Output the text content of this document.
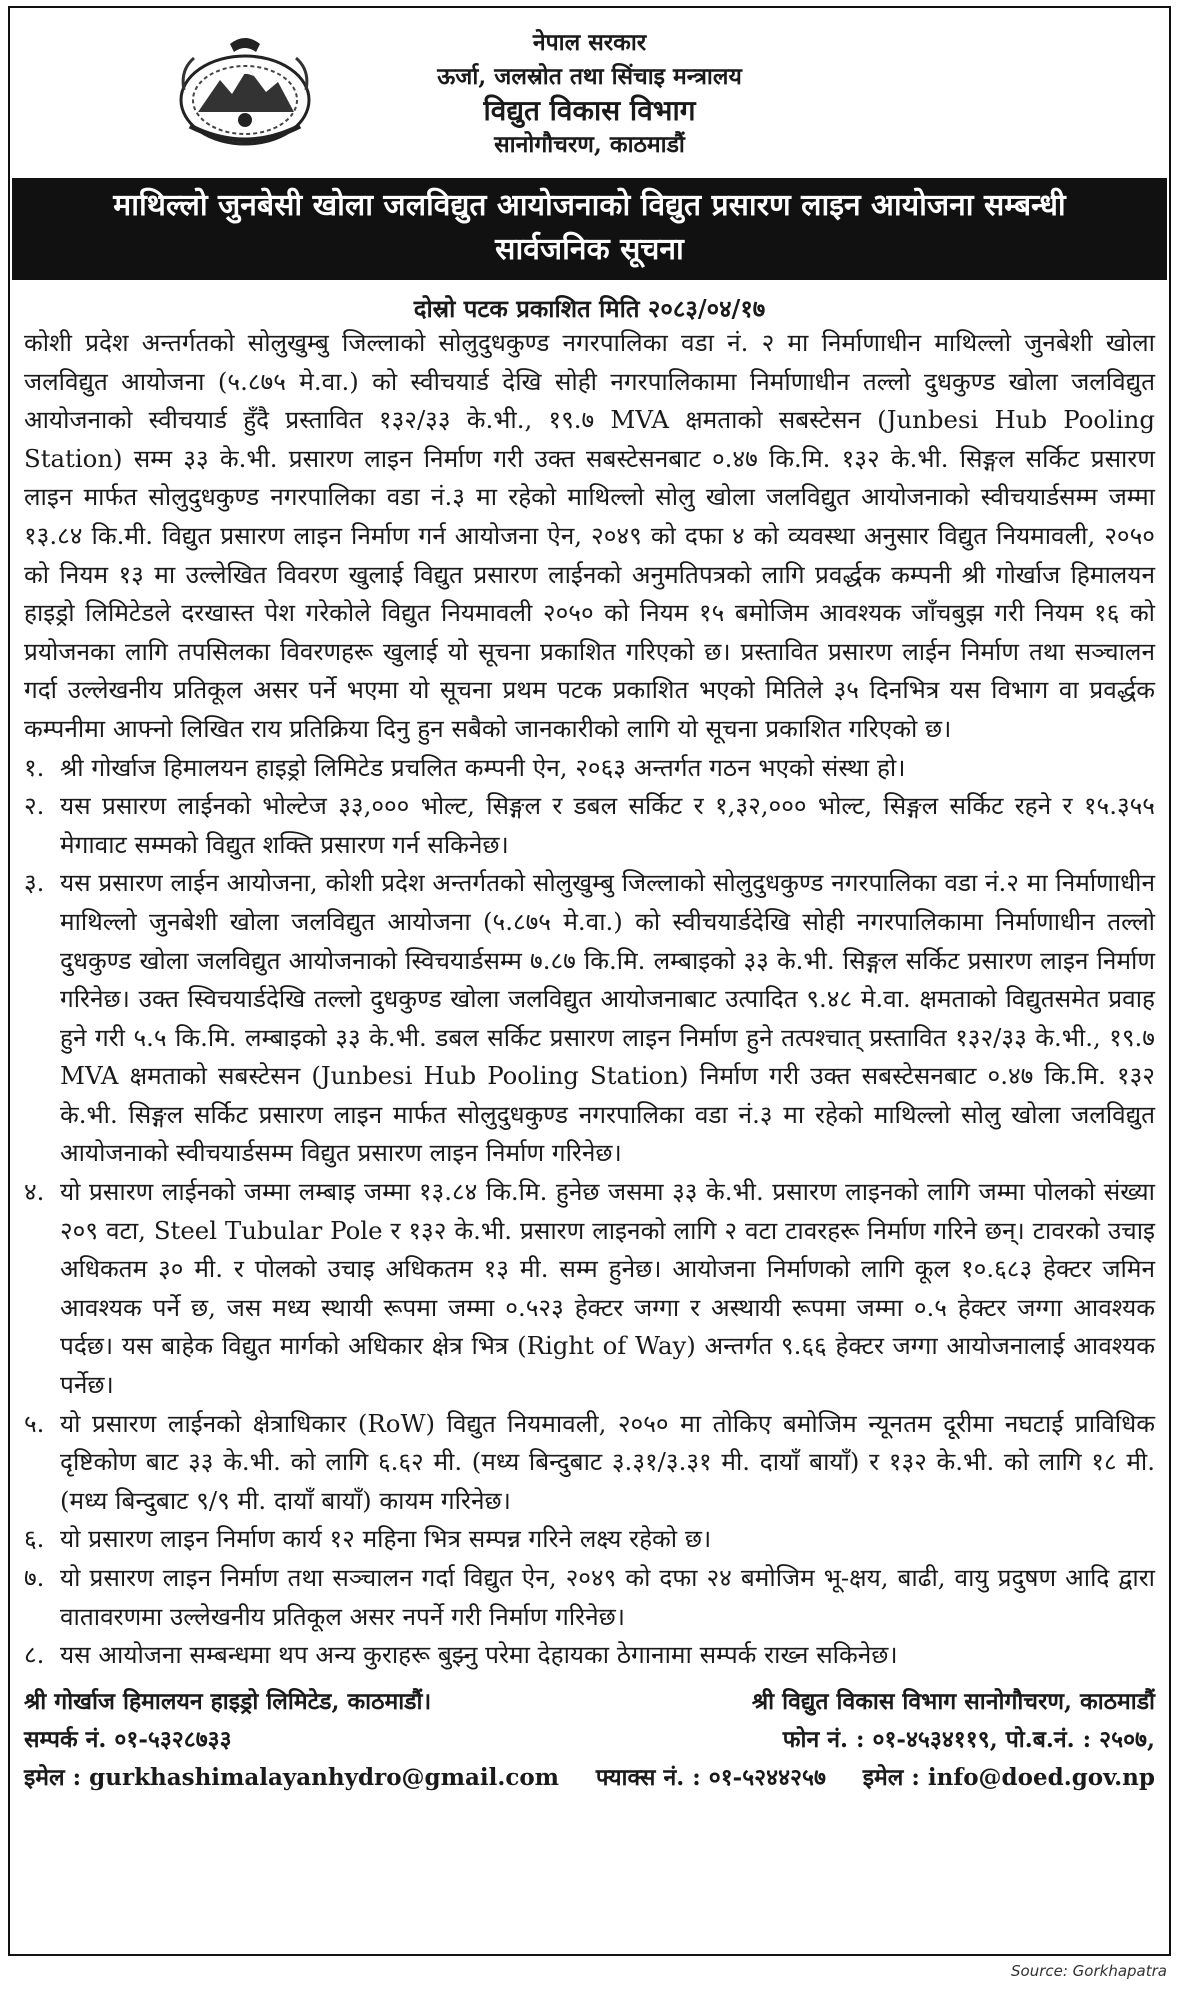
नेपाल सरकार
ऊर्जा, जलस्रोत तथा सिंचाइ मन्त्रालय
विद्युत विकास विभाग
सानोगौचरण, काठमाडौं
माथिल्लो जुनबेसी खोला जलविद्युत आयोजनाको विद्युत प्रसारण लाइन आयोजना सम्बन्धी
सार्वजनिक सूचना
दोस्रो पटक प्रकाशित मिति २०८३/०४/१७

कोशी प्रदेश अन्तर्गतको सोलुखुम्बु जिल्लाको सोलुदुधकुण्ड नगरपालिका वडा नं. २ मा निर्माणाधीन माथिल्लो जुनबेशी खोला जलविद्युत आयोजना (५.८७५ मे.वा.) को स्वीचयार्ड देखि सोही नगरपालिकामा निर्माणाधीन तल्लो दुधकुण्ड खोला जलविद्युत आयोजनाको स्वीचयार्ड हुँदै प्रस्तावित १३२/३३ के.भी., १९.७ MVA क्षमताको सबस्टेसन (Junbesi Hub Pooling Station) सम्म ३३ के.भी. प्रसारण लाइन निर्माण गरी उक्त सबस्टेसनबाट ०.४७ कि.मि. १३२ के.भी. सिङ्गल सर्किट प्रसारण लाइन मार्फत सोलुदुधकुण्ड नगरपालिका वडा नं.३ मा रहेको माथिल्लो सोलु खोला जलविद्युत आयोजनाको स्वीचयार्डसम्म जम्मा १३.८४ कि.मी. विद्युत प्रसारण लाइन निर्माण गर्न आयोजना ऐन, २०४९ को दफा ४ को व्यवस्था अनुसार विद्युत नियमावली, २०५० को नियम १३ मा उल्लेखित विवरण खुलाई विद्युत प्रसारण लाईनको अनुमतिपत्रको लागि प्रवर्द्धक कम्पनी श्री गोर्खाज हिमालयन हाइड्रो लिमिटेडले दरखास्त पेश गरेकोले विद्युत नियमावली २०५० को नियम १५ बमोजिम आवश्यक जाँचबुझ गरी नियम १६ को प्रयोजनका लागि तपसिलका विवरणहरू खुलाई यो सूचना प्रकाशित गरिएको छ। प्रस्तावित प्रसारण लाईन निर्माण तथा सञ्चालन गर्दा उल्लेखनीय प्रतिकूल असर पर्ने भएमा यो सूचना प्रथम पटक प्रकाशित भएको मितिले ३५ दिनभित्र यस विभाग वा प्रवर्द्धक कम्पनीमा आफ्नो लिखित राय प्रतिक्रिया दिनु हुन सबैको जानकारीको लागि यो सूचना प्रकाशित गरिएको छ।

१. श्री गोर्खाज हिमालयन हाइड्रो लिमिटेड प्रचलित कम्पनी ऐन, २०६३ अन्तर्गत गठन भएको संस्था हो।
२. यस प्रसारण लाईनको भोल्टेज ३३,००० भोल्ट, सिङ्गल र डबल सर्किट र १,३२,००० भोल्ट, सिङ्गल सर्किट रहने र १५.३५५ मेगावाट सम्मको विद्युत शक्ति प्रसारण गर्न सकिनेछ।
३. यस प्रसारण लाईन आयोजना, कोशी प्रदेश अन्तर्गतको सोलुखुम्बु जिल्लाको सोलुदुधकुण्ड नगरपालिका वडा नं.२ मा निर्माणाधीन माथिल्लो जुनबेशी खोला जलविद्युत आयोजना (५.८७५ मे.वा.) को स्वीचयार्डदेखि सोही नगरपालिकामा निर्माणाधीन तल्लो दुधकुण्ड खोला जलविद्युत आयोजनाको स्विचयार्डसम्म ७.८७ कि.मि. लम्बाइको ३३ के.भी. सिङ्गल सर्किट प्रसारण लाइन निर्माण गरिनेछ। उक्त स्विचयार्डदेखि तल्लो दुधकुण्ड खोला जलविद्युत आयोजनाबाट उत्पादित ९.४८ मे.वा. क्षमताको विद्युतसमेत प्रवाह हुने गरी ५.५ कि.मि. लम्बाइको ३३ के.भी. डबल सर्किट प्रसारण लाइन निर्माण हुने तत्पश्चात् प्रस्तावित १३२/३३ के.भी., १९.७ MVA क्षमताको सबस्टेसन (Junbesi Hub Pooling Station) निर्माण गरी उक्त सबस्टेसनबाट ०.४७ कि.मि. १३२ के.भी. सिङ्गल सर्किट प्रसारण लाइन मार्फत सोलुदुधकुण्ड नगरपालिका वडा नं.३ मा रहेको माथिल्लो सोलु खोला जलविद्युत आयोजनाको स्वीचयार्डसम्म विद्युत प्रसारण लाइन निर्माण गरिनेछ।
४. यो प्रसारण लाईनको जम्मा लम्बाइ जम्मा १३.८४ कि.मि. हुनेछ जसमा ३३ के.भी. प्रसारण लाइनको लागि जम्मा पोलको संख्या २०९ वटा, Steel Tubular Pole र १३२ के.भी. प्रसारण लाइनको लागि २ वटा टावरहरू निर्माण गरिने छन्। टावरको उचाइ अधिकतम ३० मी. र पोलको उचाइ अधिकतम १३ मी. सम्म हुनेछ। आयोजना निर्माणको लागि कूल १०.६८३ हेक्टर जमिन आवश्यक पर्ने छ, जस मध्य स्थायी रूपमा जम्मा ०.५२३ हेक्टर जग्गा र अस्थायी रूपमा जम्मा ०.५ हेक्टर जग्गा आवश्यक पर्दछ। यस बाहेक विद्युत मार्गको अधिकार क्षेत्र भित्र (Right of Way) अन्तर्गत ९.६६ हेक्टर जग्गा आयोजनालाई आवश्यक पर्नेछ।
५. यो प्रसारण लाईनको क्षेत्राधिकार (RoW) विद्युत नियमावली, २०५० मा तोकिए बमोजिम न्यूनतम दूरीमा नघटाई प्राविधिक दृष्टिकोण बाट ३३ के.भी. को लागि ६.६२ मी. (मध्य बिन्दुबाट ३.३१/३.३१ मी. दायाँ बायाँ) र १३२ के.भी. को लागि १८ मी. (मध्य बिन्दुबाट ९/९ मी. दायाँ बायाँ) कायम गरिनेछ।
६. यो प्रसारण लाइन निर्माण कार्य १२ महिना भित्र सम्पन्न गरिने लक्ष्य रहेको छ।
७. यो प्रसारण लाइन निर्माण तथा सञ्चालन गर्दा विद्युत ऐन, २०४९ को दफा २४ बमोजिम भू-क्षय, बाढी, वायु प्रदुषण आदि द्वारा वातावरणमा उल्लेखनीय प्रतिकूल असर नपर्ने गरी निर्माण गरिनेछ।
८. यस आयोजना सम्बन्धमा थप अन्य कुराहरू बुझ्नु परेमा देहायका ठेगानामा सम्पर्क राख्न सकिनेछ।
श्री गोर्खाज हिमालयन हाइड्रो लिमिटेड, काठमाडौं।	श्री विद्युत विकास विभाग सानोगौचरण, काठमाडौं
सम्पर्क नं. ०१-५३२८७३३	फोन नं. : ०१-४५३४११९, पो.ब.नं. : २५०७,
इमेल : gurkhashimalayanhydro@gmail.com फ्याक्स नं. : ०१-५२४४२५७ इमेल : info@doed.gov.np
Source: Gorkhapatra
